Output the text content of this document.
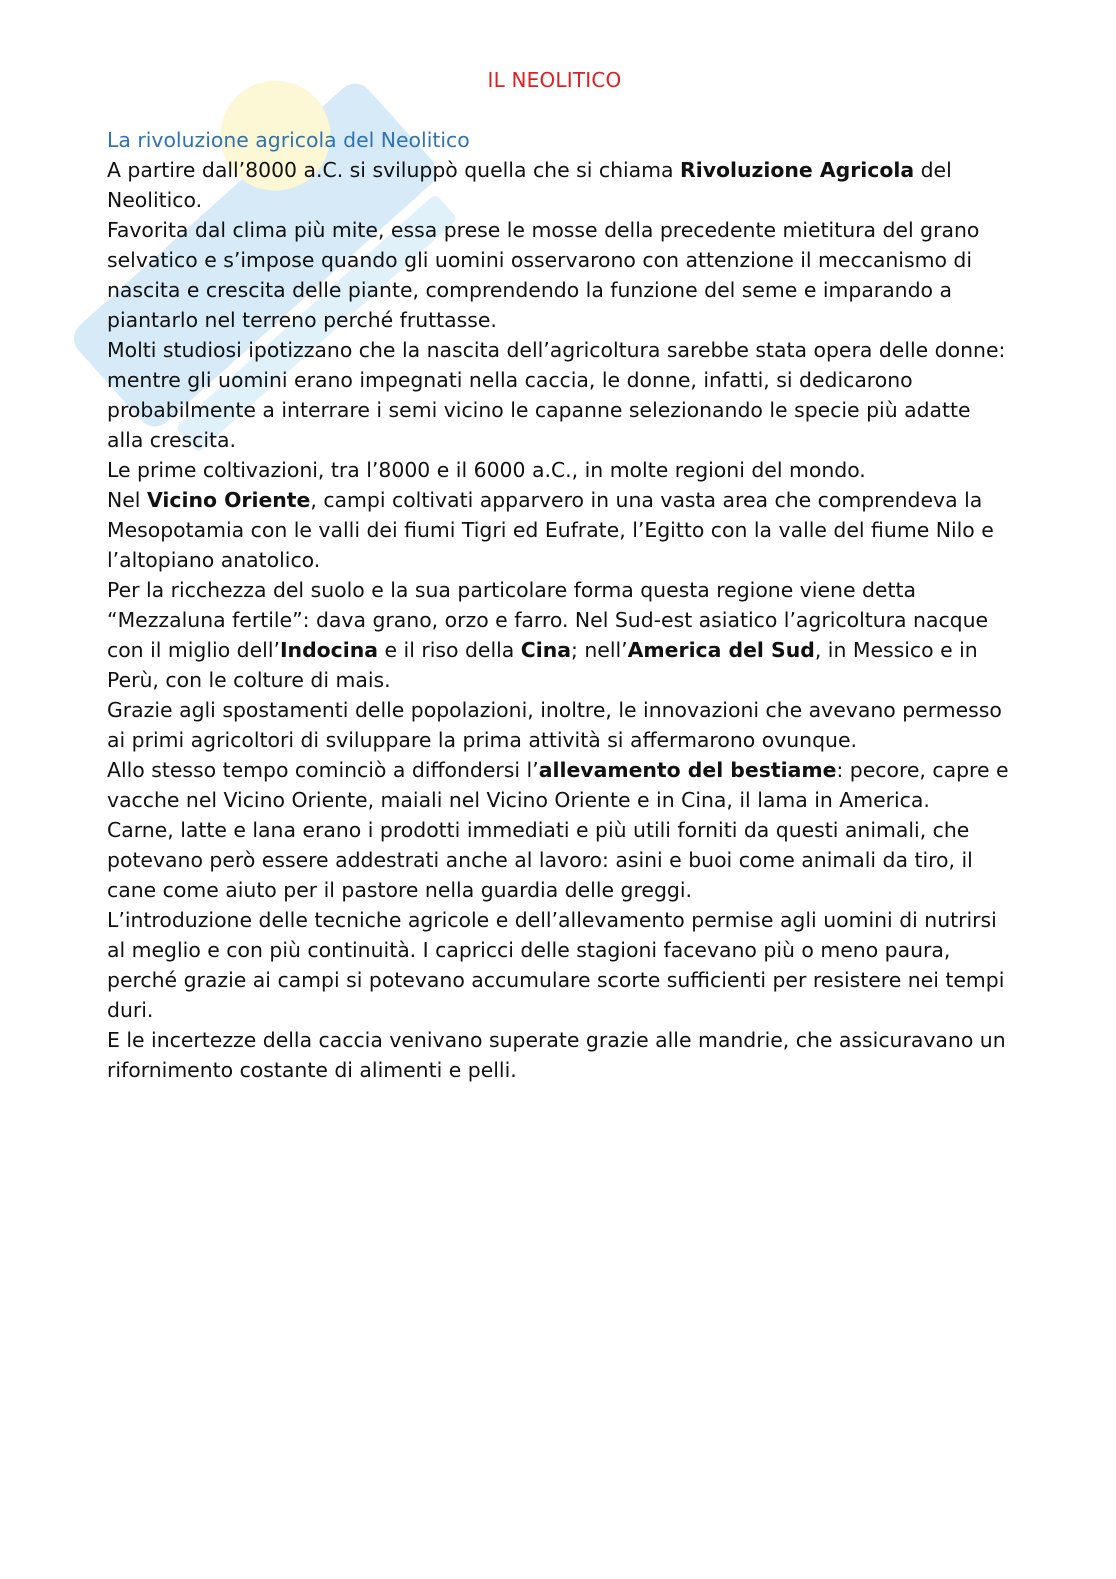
IL NEOLITICO

La rivoluzione agricola del Neolitico

A partire dall’8000 a.C. si sviluppò quella che si chiama Rivoluzione Agricola del Neolitico.

Favorita dal clima più mite, essa prese le mosse della precedente mietitura del grano selvatico e s’impose quando gli uomini osservarono con attenzione il meccanismo di nascita e crescita delle piante, comprendendo la funzione del seme e imparando a piantarlo nel terreno perché fruttasse.

Molti studiosi ipotizzano che la nascita dell’agricoltura sarebbe stata opera delle donne: mentre gli uomini erano impegnati nella caccia, le donne, infatti, si dedicarono probabilmente a interrare i semi vicino le capanne selezionando le specie più adatte alla crescita.

Le prime coltivazioni, tra l’8000 e il 6000 a.C., in molte regioni del mondo.

Nel Vicino Oriente, campi coltivati apparvero in una vasta area che comprendeva la Mesopotamia con le valli dei fiumi Tigri ed Eufrate, l’Egitto con la valle del fiume Nilo e l’altopiano anatolico.

Per la ricchezza del suolo e la sua particolare forma questa regione viene detta “Mezzaluna fertile”: dava grano, orzo e farro. Nel Sud-est asiatico l’agricoltura nacque con il miglio dell’Indocina e il riso della Cina; nell’America del Sud, in Messico e in Perù, con le colture di mais.

Grazie agli spostamenti delle popolazioni, inoltre, le innovazioni che avevano permesso ai primi agricoltori di sviluppare la prima attività si affermarono ovunque.

Allo stesso tempo cominciò a diffondersi l’allevamento del bestiame: pecore, capre e vacche nel Vicino Oriente, maiali nel Vicino Oriente e in Cina, il lama in America.

Carne, latte e lana erano i prodotti immediati e più utili forniti da questi animali, che potevano però essere addestrati anche al lavoro: asini e buoi come animali da tiro, il cane come aiuto per il pastore nella guardia delle greggi.

L’introduzione delle tecniche agricole e dell’allevamento permise agli uomini di nutrirsi al meglio e con più continuità. I capricci delle stagioni facevano più o meno paura, perché grazie ai campi si potevano accumulare scorte sufficienti per resistere nei tempi duri.

E le incertezze della caccia venivano superate grazie alle mandrie, che assicuravano un rifornimento costante di alimenti e pelli.
